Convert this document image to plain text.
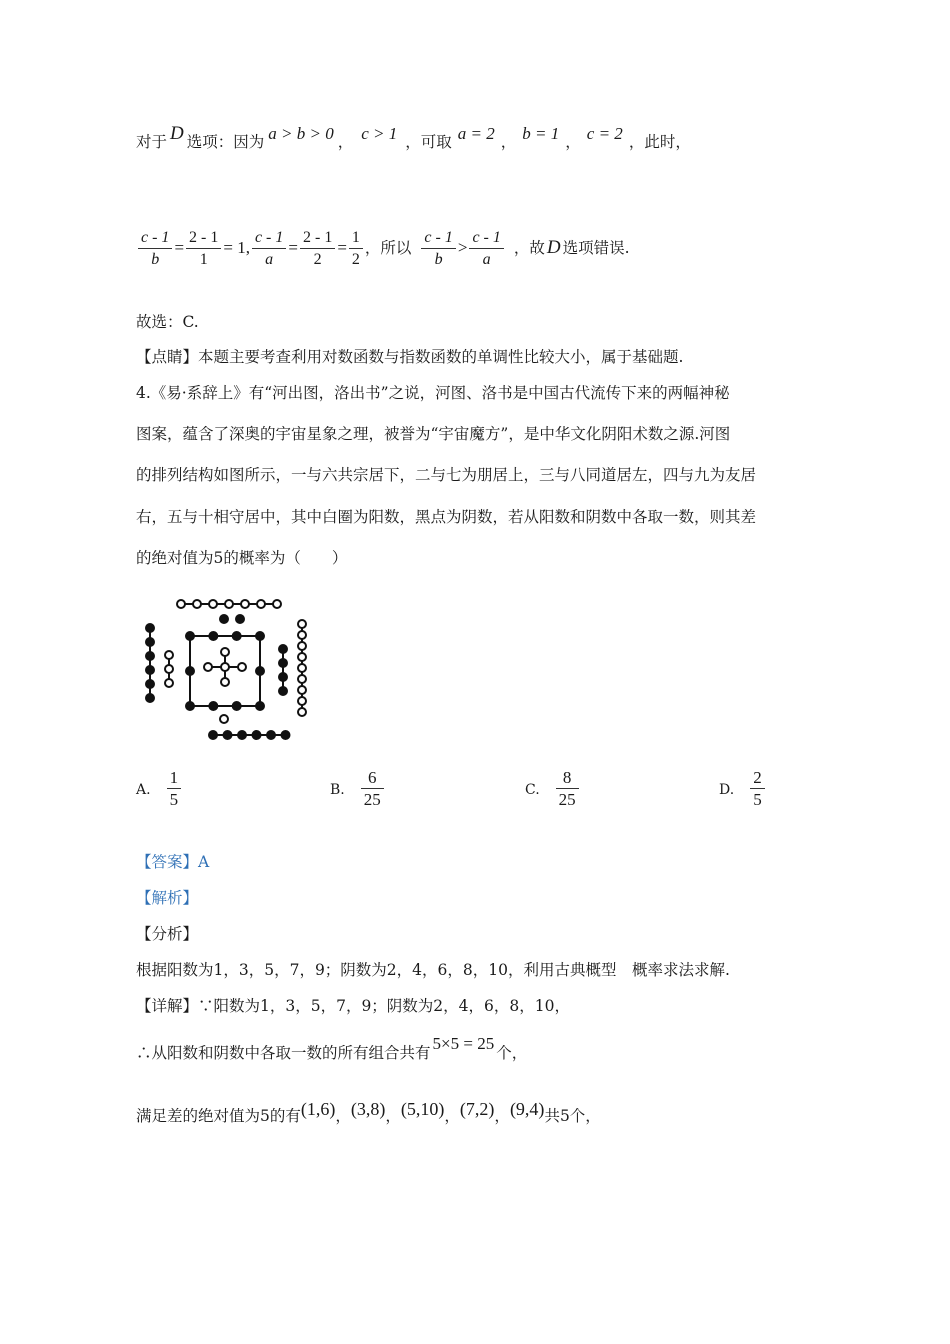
对于 D 选项：因为 a > b > 0 ， c > 1 ，可取 a = 2 ， b = 1 ， c = 2 ，此时，
$\frac{c - 1}{b} = \frac{2 - 1}{1} = 1$, $\frac{c - 1}{a} = \frac{2 - 1}{2} = \frac{1}{2}$ ，所以 $\frac{c - 1}{b} > \frac{c - 1}{a}$ ，故 D 选项错误.
故选：C.
【点睛】本题主要考查利用对数函数与指数函数的单调性比较大小，属于基础题.
4.《易·系辞上》有“河出图，洛出书”之说，河图、洛书是中国古代流传下来的两幅神秘
图案，蕴含了深奥的宇宙星象之理，被誉为“宇宙魔方”，是中华文化阴阳术数之源.河图
的排列结构如图所示，一与六共宗居下，二与七为朋居上，三与八同道居左，四与九为友居
右，五与十相守居中，其中白圈为阳数，黑点为阴数，若从阳数和阴数中各取一数，则其差
的绝对值为5的概率为（　　）
A. $\frac{1}{5}$	B. $\frac{6}{25}$	C. $\frac{8}{25}$	D. $\frac{2}{5}$
【答案】A
【解析】
【分析】
根据阳数为1，3，5，7，9；阴数为2，4，6，8，10，利用古典概型　概率求法求解.
【详解】∵阳数为1，3，5，7，9；阴数为2，4，6，8，10，
∴从阳数和阴数中各取一数的所有组合共有 5×5 = 25 个，
满足差的绝对值为5的有(1,6)，(3,8)，(5,10)，(7,2)，(9,4)共5个，
